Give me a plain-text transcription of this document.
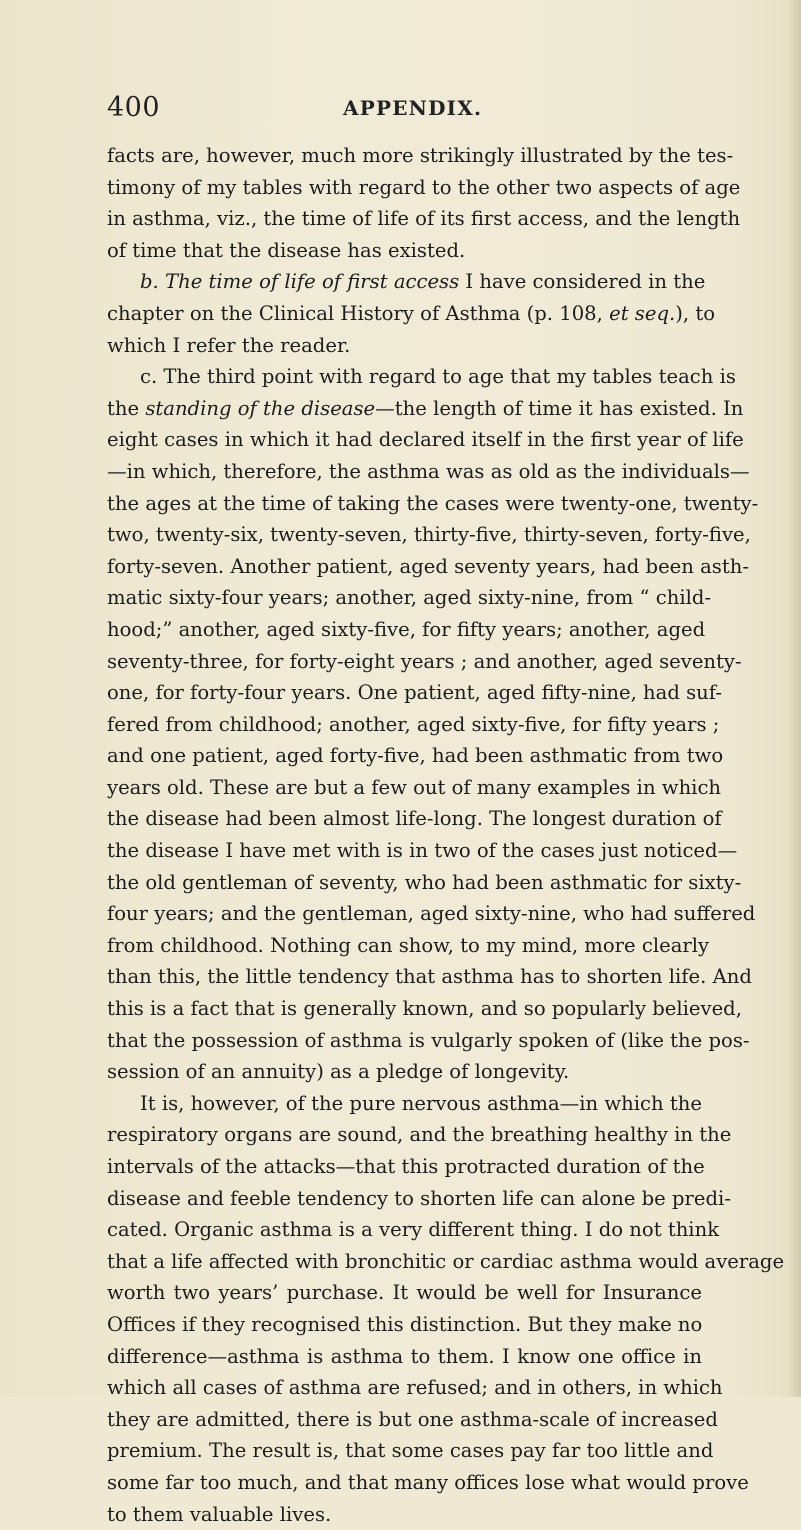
400	APPENDIX.
facts are, however, much more strikingly illustrated by the tes-
timony of my tables with regard to the other two aspects of age
in asthma, viz., the time of life of its first access, and the length
of time that the disease has existed.
b. The time of life of first access I have considered in the
chapter on the Clinical History of Asthma (p. 108, et seq.), to
which I refer the reader.
c. The third point with regard to age that my tables teach is
the standing of the disease—the length of time it has existed. In
eight cases in which it had declared itself in the first year of life
—in which, therefore, the asthma was as old as the individuals—
the ages at the time of taking the cases were twenty-one, twenty-
two, twenty-six, twenty-seven, thirty-five, thirty-seven, forty-five,
forty-seven. Another patient, aged seventy years, had been asth-
matic sixty-four years; another, aged sixty-nine, from “ child-
hood;” another, aged sixty-five, for fifty years; another, aged
seventy-three, for forty-eight years ; and another, aged seventy-
one, for forty-four years. One patient, aged fifty-nine, had suf-
fered from childhood; another, aged sixty-five, for fifty years ;
and one patient, aged forty-five, had been asthmatic from two
years old. These are but a few out of many examples in which
the disease had been almost life-long. The longest duration of
the disease I have met with is in two of the cases just noticed—
the old gentleman of seventy, who had been asthmatic for sixty-
four years; and the gentleman, aged sixty-nine, who had suffered
from childhood. Nothing can show, to my mind, more clearly
than this, the little tendency that asthma has to shorten life. And
this is a fact that is generally known, and so popularly believed,
that the possession of asthma is vulgarly spoken of (like the pos-
session of an annuity) as a pledge of longevity.
It is, however, of the pure nervous asthma—in which the
respiratory organs are sound, and the breathing healthy in the
intervals of the attacks—that this protracted duration of the
disease and feeble tendency to shorten life can alone be predi-
cated. Organic asthma is a very different thing. I do not think
that a life affected with bronchitic or cardiac asthma would average
worth two years’ purchase. It would be well for Insurance
Offices if they recognised this distinction. But they make no
difference—asthma is asthma to them. I know one office in
which all cases of asthma are refused; and in others, in which
they are admitted, there is but one asthma-scale of increased
premium. The result is, that some cases pay far too little and
some far too much, and that many offices lose what would prove
to them valuable lives.
